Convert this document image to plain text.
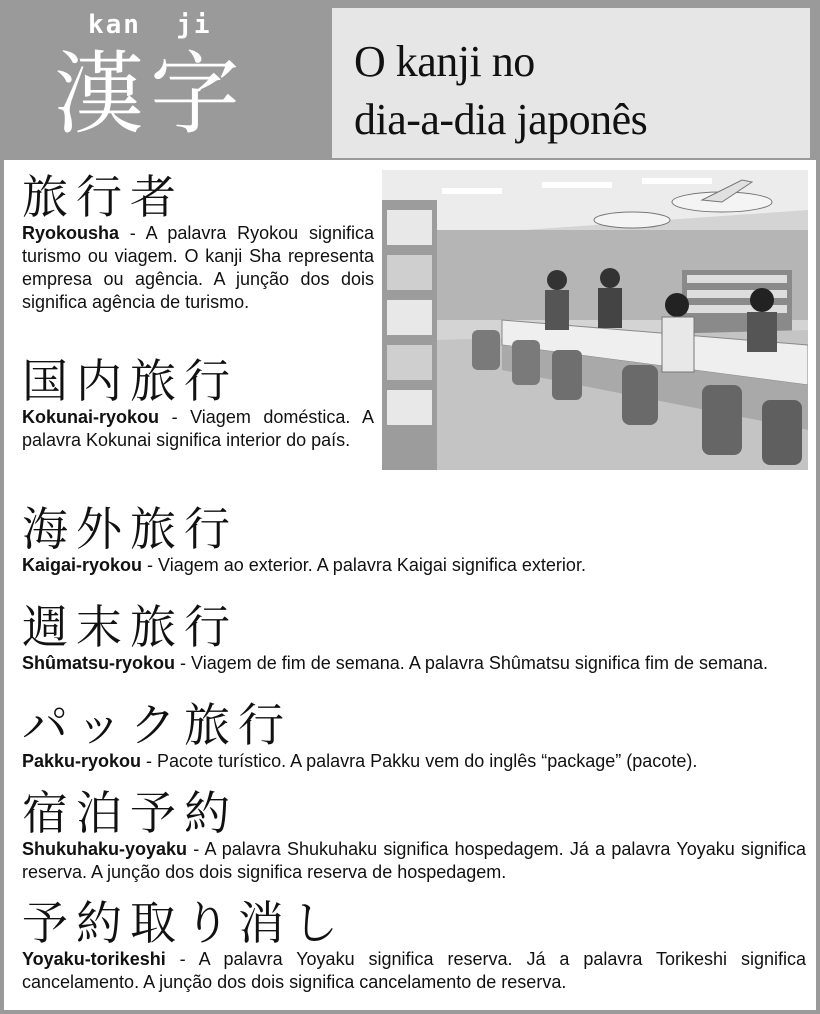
kan  ji
漢字 O kanji no
dia-a-dia japonês
旅行者
Ryokousha - A palavra Ryokou significa turismo ou viagem. O kanji Sha representa empresa ou agência. A junção dos dois significa agência de turismo.
国内旅行
Kokunai-ryokou - Viagem doméstica. A palavra Kokunai significa interior do país.
海外旅行
Kaigai-ryokou - Viagem ao exterior. A palavra Kaigai significa exterior.
週末旅行
Shûmatsu-ryokou - Viagem de fim de semana. A palavra Shûmatsu significa fim de semana.
パック旅行
Pakku-ryokou - Pacote turístico. A palavra Pakku vem do inglês “package” (pacote).
宿泊予約
Shukuhaku-yoyaku - A palavra Shukuhaku significa hospedagem. Já a palavra Yoyaku significa reserva. A junção dos dois significa reserva de hospedagem.
予約取り消し
Yoyaku-torikeshi - A palavra Yoyaku significa reserva. Já a palavra Torikeshi significa cancelamento. A junção dos dois significa cancelamento de reserva.
